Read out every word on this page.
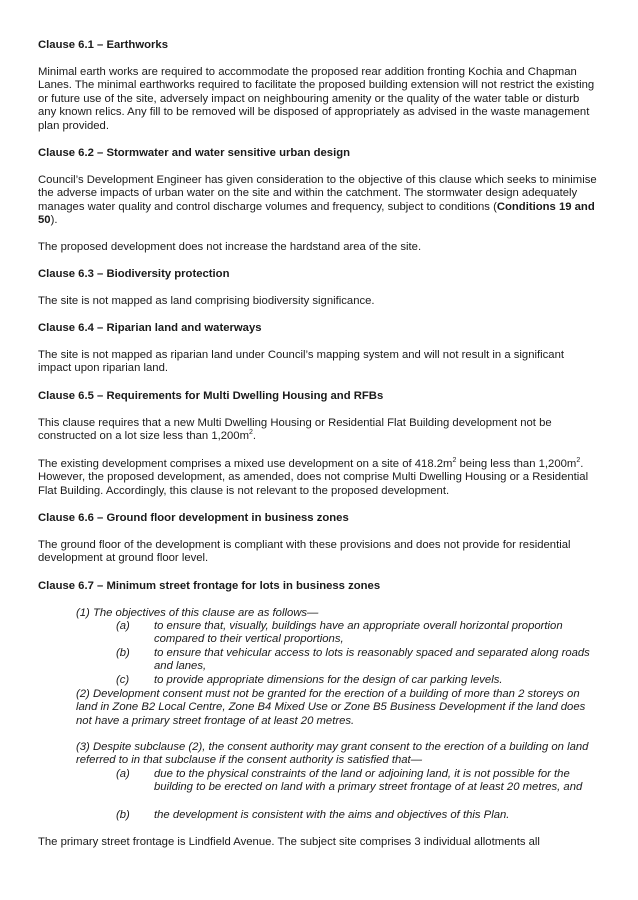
Clause 6.1 – Earthworks
Minimal earth works are required to accommodate the proposed rear addition fronting Kochia and Chapman Lanes. The minimal earthworks required to facilitate the proposed building extension will not restrict the existing or future use of the site, adversely impact on neighbouring amenity or the quality of the water table or disturb any known relics. Any fill to be removed will be disposed of appropriately as advised in the waste management plan provided.
Clause 6.2 – Stormwater and water sensitive urban design
Council’s Development Engineer has given consideration to the objective of this clause which seeks to minimise the adverse impacts of urban water on the site and within the catchment. The stormwater design adequately manages water quality and control discharge volumes and frequency, subject to conditions (Conditions 19 and 50).
The proposed development does not increase the hardstand area of the site.
Clause 6.3 – Biodiversity protection
The site is not mapped as land comprising biodiversity significance.
Clause 6.4 – Riparian land and waterways
The site is not mapped as riparian land under Council’s mapping system and will not result in a significant impact upon riparian land.
Clause 6.5 – Requirements for Multi Dwelling Housing and RFBs
This clause requires that a new Multi Dwelling Housing or Residential Flat Building development not be constructed on a lot size less than $1,200m^2$.
The existing development comprises a mixed use development on a site of $418.2m^2$ being less than $1,200m^2$. However, the proposed development, as amended, does not comprise Multi Dwelling Housing or a Residential Flat Building. Accordingly, this clause is not relevant to the proposed development.
Clause 6.6 – Ground floor development in business zones
The ground floor of the development is compliant with these provisions and does not provide for residential development at ground floor level.
Clause 6.7 – Minimum street frontage for lots in business zones
(1) The objectives of this clause are as follows—
(a)	to ensure that, visually, buildings have an appropriate overall horizontal proportion compared to their vertical proportions,
(b)	to ensure that vehicular access to lots is reasonably spaced and separated along roads and lanes,
(c)	to provide appropriate dimensions for the design of car parking levels.
(2) Development consent must not be granted for the erection of a building of more than 2 storeys on land in Zone B2 Local Centre, Zone B4 Mixed Use or Zone B5 Business Development if the land does not have a primary street frontage of at least 20 metres.
(3) Despite subclause (2), the consent authority may grant consent to the erection of a building on land referred to in that subclause if the consent authority is satisfied that—
(a)	due to the physical constraints of the land or adjoining land, it is not possible for the building to be erected on land with a primary street frontage of at least 20 metres, and
(b)	the development is consistent with the aims and objectives of this Plan.
The primary street frontage is Lindfield Avenue. The subject site comprises 3 individual allotments all
